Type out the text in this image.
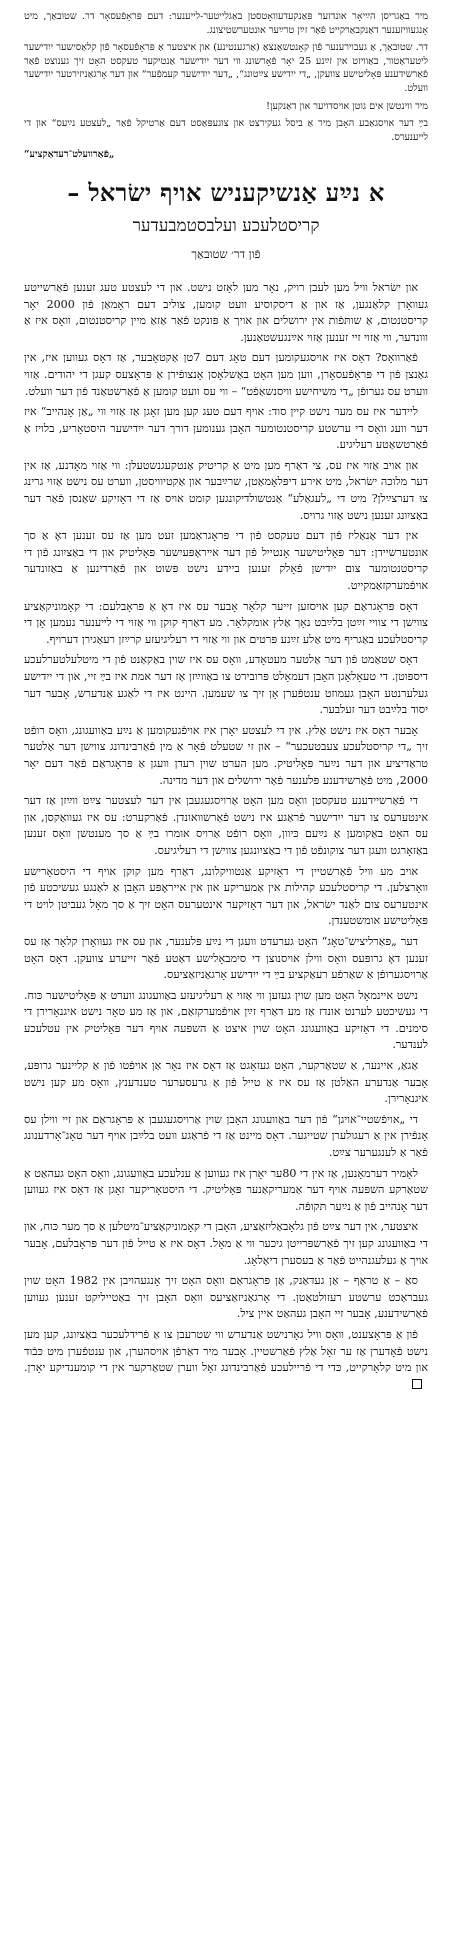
מיר באַגריסן הײַיאָר אונדזער פּאַנקעדעוואָטסטן באַגלייטער-לייענער: דעם פּראָפֿעסאָר דר. שטובאַך, מיט אָנגעוויזענער דאַנקבאַרקייט פֿאַר זײַן טרײַער אונטערשטיצונג.

דר. שטובאַך, אַ געבוירענער פֿון קאָנטשאַנצאַ (אַרגענטינע) און איצטער אַ פּראָפֿעסאָר פֿון קלאַסישער ייִדישער ליטעראַטור, באַוויזט אין זײַנע 25 יאָר פֿאָרשונג ווי דער ייִדישער אַנטיקער טעקסט האָט זיך גענוצט פֿאַר פֿאַרשידענע פּאָליטישע צוועקן, „די ייִדישע צײַטונג“, „דער ייִדישער קעמפֿער“ און דער אָרגאַניזירטער ייִדישער וועלט.

מיר ווינטשן אים גוטן אויסדויער און דאַנקען!

בײַ דער אויסגאַבע האָבן מיר אַ ביסל געקירצט און צוגעפּאַסט דעם אַרטיקל פֿאַר „לעצטע נײַעס“ און די לייענערס.

„פֿאַרוועלט־רעדאַקציע“

א נײַע אַנשיקעניש אויף ישׂראל –
קריסטלעכע ועלבסטמבעדער
פֿון דר׳ שטובאַך

און ישׂראל וויל מען לעבן רויק, נאָר מען לאָזט נישט. און די לעצטע טעג זענען פֿאַרשייטע געוואָרן קלאַנגען, אַז און אַ דיסקוסיע וועט קומען, צוליב דעם ראָמאַן פֿון 2000 יאָר קריסטנטום, אַ שותּפֿות אין ירושלים און אויך אַ פּונקט פֿאַר אַזאַ מיין קריסטנטום, וואָס איז אַ ווונדער, ווי אַזוי זיי זענען אַזוי אײַנגעשטאַנען.

פֿאַרוואָס? דאָס איז אויסגעקומען דעם טאָג דעם 7טן אַקטאָבער, אַז דאָס געווען איז, אין גאַנצן פֿון די פּראָפֿעסאָרן, ווען מען האָט באַשלאָסן אָנצופֿירן אַ פּראָצעס קעגן די יהודים. אַזוי ווערט עס גערופֿן „די משיחישע וויסנשאַפֿט“ – ווי עס וועט קומען אַ פֿאַרשטאַנד פֿון דער וועלט.

ליידער איז עס מער נישט קיין סוד: אויף דעם טעג קען מען זאָגן אַז אַזוי ווי „אַן אָנהייב“ איז דער וועג וואָס די ערשטע קריסטנטומער האָבן גענומען דורך דער ייִדישער היסטאָריע, בלויז אַ פֿאַרטשאַטע רעליגיע.

און אויב אַזוי איז עס, צי דאַרף מען מיט אַ קריטיק אַנטקעגנשטעלן: ווי אַזוי מאָדנע, אַז אין דער מלוכה ישׂראל, מיט אירע דיפּלאָמאַטן, שרײַבער און אַקטיוויסטן, ווערט עס נישט אַזוי גרינג צו דערצײַלן? מיט די „לעגאַלע“ אַנטשולדיקונגען קומט אויס אַז די דאָזיקע שאַנסן פֿאַר דער באַציִונג זענען נישט אַזוי גרויס.

אין דער אַנאַליז פֿון דעם טעקסט פֿון די פּראָגראַמען זעט מען אַז עס זענען דאָ אַ סך אונטערשיידן: דער פּאָליטישער אָנטייל פֿון דער אײראָפּעיִשער פּאָליטיק און די באַציִונג פֿון די קריסטנטומער צום ייִדישן פֿאָלק זענען ביידע נישט פּשוט און פֿאַרדינען אַ באַזונדער אויפֿמערקזאַמקייט.

דאָס פּראָגראַם קען אויסזען זייער קלאָר אָבער עס איז דאָ אַ פּראָבלעם: די קאָמוניקאַציע צווישן די צוויי זײַטן בלײַבט נאָך אַלץ אומקלאָר. מע דאַרף קוקן ווי אַזוי די לײענער נעמען אָן די קריסטלעכע באַגריף מיט אַלע זײַנע פּרטים און ווי אַזוי די רעליגיעזע קרײַזן רעאַגירן דערויף.

דאָס שטאַמט פֿון דער אַלטער מעטאָדע, וואָס עס איז שוין באַקאַנט פֿון די מיטלעלטערלעכע דיספּוטן. די טעאָלאָגן האָבן דעמאָלט פּרובירט צו באַווײַזן אַז דער אמת איז בײַ זיי, און די ייִדישע געלערנטע האָבן געמוזט ענטפֿערן אָן זיך צו שעמען. היינט איז די לאַגע אַנדערש, אָבער דער יסוד בלײַבט דער זעלבער.

אָבער דאָס איז נישט אַלץ. אין די לעצטע יאָרן איז אויפֿגעקומען אַ נײַע באַוועגונג, וואָס רופֿט זיך „די קריסטלעכע צעבטעכער“ – און זי שטעלט פֿאָר אַ מין פֿאַרבינדונג צווישן דער אַלטער טראַדיציע און דער נײַער פּאָליטיק. מען הערט שוין רעדן וועגן אַ פּראָגראַם פֿאַר דעם יאָר 2000, מיט פֿאַרשידענע פּלענער פֿאַר ירושלים און דער מדינה.

די פֿאַרשיידענע טעקסטן וואָס מען האָט אַרויסגעגעבן אין דער לעצטער צײַט ווײַזן אַז דער אינטערעס צו דער ייִדישער פֿראַגע איז נישט פֿאַרשוואונדן. פֿאַרקערט: עס איז געוואַקסן, און עס האָט באַקומען אַ נײַעם כּיוון, וואָס רופֿט אַרויס אומרו בײַ אַ סך מענטשן וואָס זענען באַזאָרגט וועגן דער צוקונפֿט פֿון די באַציִונגען צווישן די רעליגיעס.

אויב מע וויל פֿאַרשטיין די דאָזיקע אַנטוויקלונג, דאַרף מען קוקן אויף די היסטאָרישע וואָרצלען. די קריסטלעכע קהילות אין אַמעריקע און אין אייראָפּע האָבן אַ לאַנגע געשיכטע פֿון אינטערעס צום לאַנד ישׂראל, און דער דאָזיקער אינטערעס האָט זיך אַ סך מאָל געביטן לויט די פּאָליטישע אומשטענדן.

דער „פּאַרליציש־טאָג“ האָט גערעדט וועגן די נײַע פּלענער, און עס איז געוואָרן קלאָר אַז עס זענען דאָ גרופּעס וואָס ווילן אויסנוצן די סימבאָלישע דאַטע פֿאַר זייערע צוועקן. דאָס האָט אַרויסגערופֿן אַ שאַרפֿע רעאַקציע בײַ די ייִדישע אָרגאַניזאַציעס.

נישט איינמאָל האָט מען שוין געזען ווי אַזוי אַ רעליגיעזע באַוועגונג ווערט אַ פּאָליטישער כּוח. די געשיכטע לערנט אונדז אַז מע דאַרף זײַן אויפֿמערקזאַם, און אַז מע טאָר נישט איגנאָרירן די סימנים. די דאָזיקע באַוועגונג האָט שוין איצט אַ השפּעה אויף דער פּאָליטיק אין עטלעכע לענדער.

אַגאַ, איינער, אַ שטאַרקער, האָט געזאָגט אַז דאָס איז נאָר אַן אויפֿטו פֿון אַ קליינער גרופּע, אָבער אַנדערע האַלטן אַז עס איז אַ טייל פֿון אַ גרעסערער טענדענץ, וואָס מע קען נישט איגנאָרירן.

די „אויפֿשטיי־אויגן“ פֿון דער באַוועגונג האָבן שוין אַרויסגעגעבן אַ פּראָגראַם און זיי ווילן עס אָנפֿירן אין אַ רעגולערן שטייגער. דאָס מיינט אַז די פֿראַגע וועט בלײַבן אויף דער טאָג־אָרדענונג פֿאַר אַ לענגערער צײַט.

לאָמיר דערמאָנען, אַז אין די 80ער יאָרן איז געווען אַ ענלעכע באַוועגונג, וואָס האָט געהאַט אַ שטאַרקע השפּעה אויף דער אַמעריקאַנער פּאָליטיק. די היסטאָריקער זאָגן אַז דאָס איז געווען דער אָנהייב פֿון אַ נײַער תּקופֿה.

איצטער, אין דער צײַט פֿון גלאָבאַליזאַציע, האָבן די קאָמוניקאַציע־מיטלען אַ סך מער כּוח, און די באַוועגונג קען זיך פֿאַרשפּרייטן גיכער ווי אַ מאָל. דאָס איז אַ טייל פֿון דער פּראָבלעם, אָבער אויך אַ געלעגנהייט פֿאַר אַ בעסערן דיאַלאָג.

סאַ – אַ טראַף – אַן געדאַנק, אַן פּראָגראַם וואָס האָט זיך אָנגעהויבן אין 1982 האָט שוין געבראַכט ערשטע רעזולטאַטן. די אָרגאַניזאַציעס וואָס האָבן זיך באַטייליקט זענען געווען פֿאַרשידענע, אָבער זיי האָבן געהאַט איין ציל.

פֿון אַ פּראָצענט, וואָס וויל גאָרנישט אַנדערש ווי שטרעבן צו אַ פֿרידלעכער באַציִונג, קען מען נישט פֿאָדערן אַז ער זאָל אַלץ פֿאַרשטיין. אָבער מיר דאַרפֿן אויסהערן, און ענטפֿערן מיט כּבֿוד און מיט קלאָרקייט, כּדי די פֿריילעכע פֿאַרבינדונג זאָל ווערן שטאַרקער אין די קומענדיקע יאָרן.
